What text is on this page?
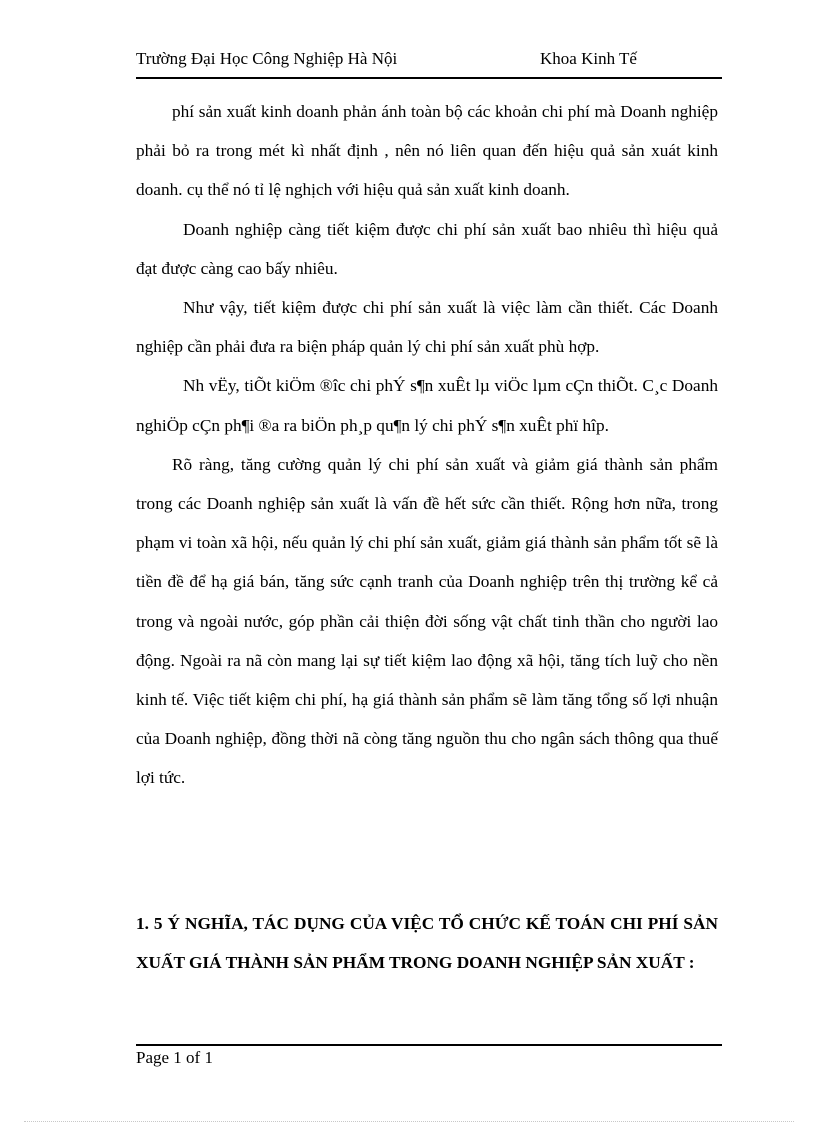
Trường Đại Học Công Nghiệp Hà Nội	Khoa Kinh Tế

phí sản xuất kinh doanh phản ánh toàn bộ các khoản chi phí mà Doanh nghiệp phải bỏ ra trong mét kì nhất định , nên nó liên quan đến hiệu quả sản xuát kinh doanh. cụ thể nó tỉ lệ nghịch với hiệu quả sản xuất kinh doanh.

Doanh nghiệp càng tiết kiệm được chi phí sản xuất bao nhiêu thì hiệu quả đạt được càng cao bấy nhiêu.

Như vậy, tiết kiệm được chi phí sản xuất là việc làm cần thiết. Các Doanh nghiệp cần phải đưa ra biện pháp quản lý chi phí sản xuất phù hợp.

Nh vËy, tiÕt kiÖm ®îc chi phÝ s¶n xuÊt lµ viÖc lµm cÇn thiÕt. C¸c Doanh nghiÖp cÇn ph¶i ®a ra biÖn ph¸p qu¶n lý chi phÝ s¶n xuÊt phï hîp.

Rõ ràng, tăng cường quản lý chi phí sản xuất và giảm giá thành sản phẩm trong các Doanh nghiệp sản xuất là vấn đề hết sức cần thiết. Rộng hơn nữa, trong phạm vi toàn xã hội, nếu quản lý chi phí sản xuất, giảm giá thành sản phẩm tốt sẽ là tiền đề để hạ giá bán, tăng sức cạnh tranh của Doanh nghiệp trên thị trường kể cả trong và ngoài nước, góp phần cải thiện đời sống vật chất tinh thần cho người lao động. Ngoài ra nã còn mang lại sự tiết kiệm lao động xã hội, tăng tích luỹ cho nền kinh tế. Việc tiết kiệm chi phí, hạ giá thành sản phẩm sẽ làm tăng tổng số lợi nhuận của Doanh nghiệp, đồng thời nã còng tăng nguồn thu cho ngân sách thông qua thuế lợi tức.

1. 5 Ý NGHĨA, TÁC DỤNG CỦA VIỆC TỔ CHỨC KẾ TOÁN CHI PHÍ SẢN XUẤT GIÁ THÀNH SẢN PHẨM TRONG DOANH NGHIỆP SẢN XUẤT :

Page 1 of 1
